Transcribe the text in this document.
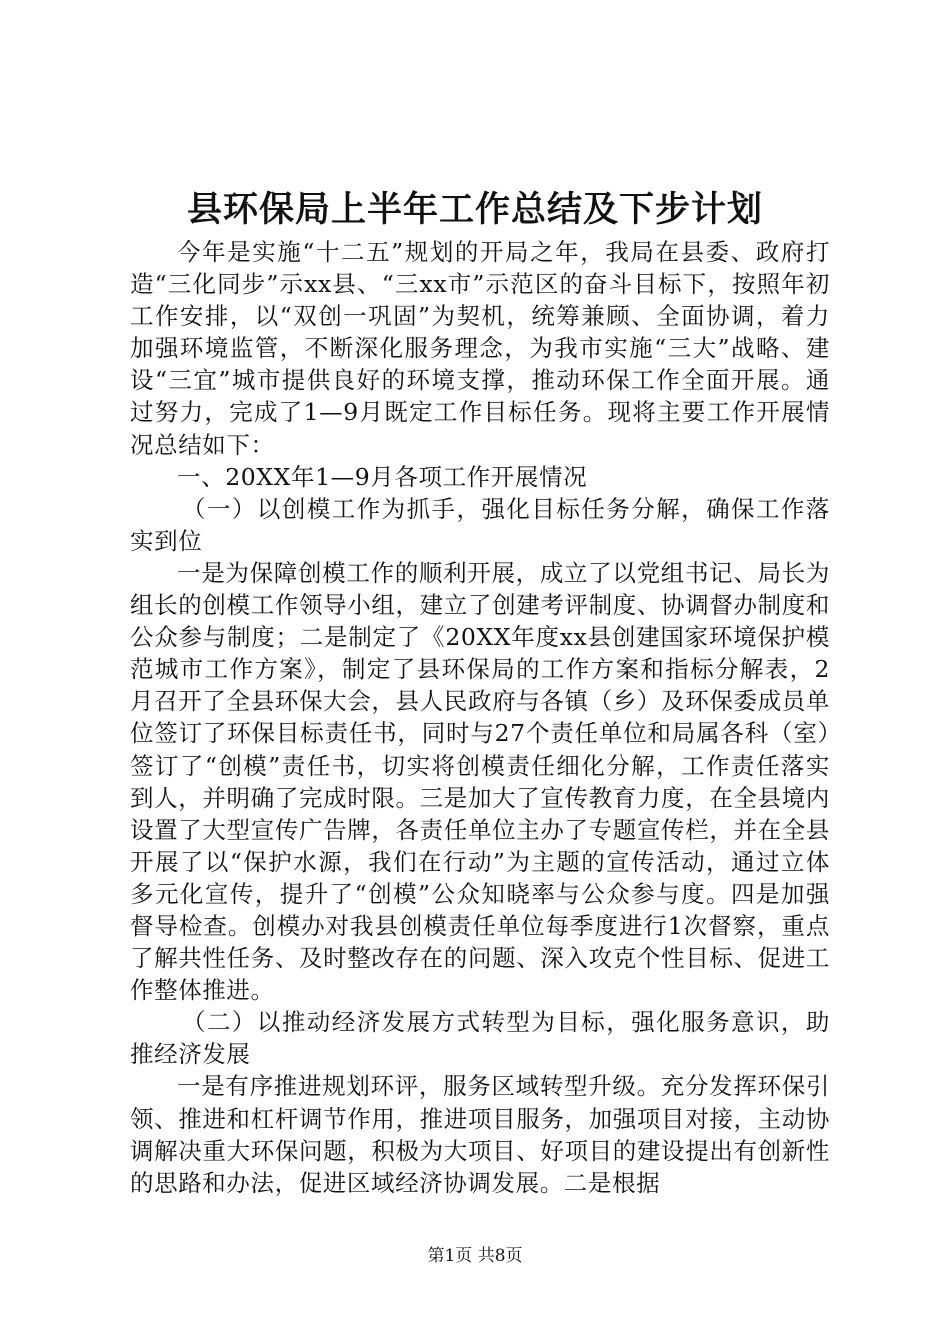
县环保局上半年工作总结及下步计划

今年是实施“十二五”规划的开局之年，我局在县委、政府打造“三化同步”示xx县、“三xx市”示范区的奋斗目标下，按照年初工作安排，以“双创一巩固”为契机，统筹兼顾、全面协调，着力加强环境监管，不断深化服务理念，为我市实施“三大”战略、建设“三宜”城市提供良好的环境支撑，推动环保工作全面开展。通过努力，完成了1—9月既定工作目标任务。现将主要工作开展情况总结如下：

一、20XX年1—9月各项工作开展情况

（一）以创模工作为抓手，强化目标任务分解，确保工作落实到位

一是为保障创模工作的顺利开展，成立了以党组书记、局长为组长的创模工作领导小组，建立了创建考评制度、协调督办制度和公众参与制度；二是制定了《20XX年度xx县创建国家环境保护模范城市工作方案》，制定了县环保局的工作方案和指标分解表，2月召开了全县环保大会，县人民政府与各镇（乡）及环保委成员单位签订了环保目标责任书，同时与27个责任单位和局属各科（室）签订了“创模”责任书，切实将创模责任细化分解，工作责任落实到人，并明确了完成时限。三是加大了宣传教育力度，在全县境内设置了大型宣传广告牌，各责任单位主办了专题宣传栏，并在全县开展了以“保护水源，我们在行动”为主题的宣传活动，通过立体多元化宣传，提升了“创模”公众知晓率与公众参与度。四是加强督导检查。创模办对我县创模责任单位每季度进行1次督察，重点了解共性任务、及时整改存在的问题、深入攻克个性目标、促进工作整体推进。

（二）以推动经济发展方式转型为目标，强化服务意识，助推经济发展

一是有序推进规划环评，服务区域转型升级。充分发挥环保引领、推进和杠杆调节作用，推进项目服务，加强项目对接，主动协调解决重大环保问题，积极为大项目、好项目的建设提出有创新性的思路和办法，促进区域经济协调发展。二是根据

第1页 共8页
